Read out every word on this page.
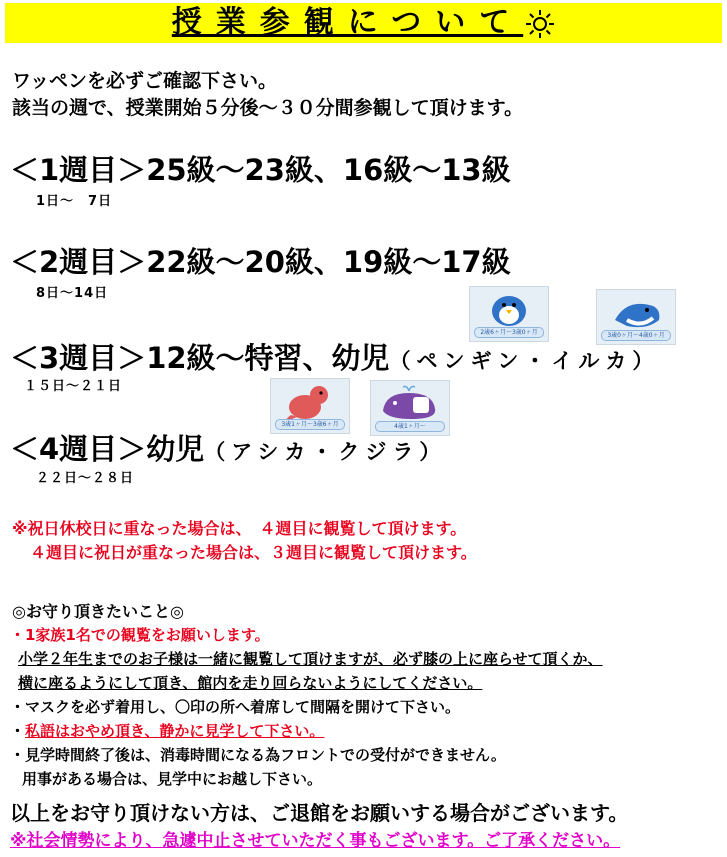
授業参観について
ワッペンを必ずご確認下さい。
該当の週で、授業開始５分後～３０分間参観して頂けます。
＜1週目＞25級～23級、16級～13級
1日～　7日
＜2週目＞22級～20級、19級～17級
8日～14日
2歳6ヶ月～3歳0ヶ月	3歳0ヶ月～4歳0ヶ月
＜3週目＞12級～特習、幼児（ペンギン・イルカ）
１５日～２１日
3歳1ヶ月～3歳6ヶ月	4歳1ヶ月～
＜4週目＞幼児（アシカ・クジラ）
２２日～２８日
※祝日休校日に重なった場合は、　４週目に観覧して頂けます。
４週目に祝日が重なった場合は、３週目に観覧して頂けます。
◎お守り頂きたいこと◎
・1家族1名での観覧をお願いします。
小学２年生までのお子様は一緒に観覧して頂けますが、必ず膝の上に座らせて頂くか、
横に座るようにして頂き、館内を走り回らないようにしてください。
・マスクを必ず着用し、〇印の所へ着席して間隔を開けて下さい。
・私語はおやめ頂き、静かに見学して下さい。
・見学時間終了後は、消毒時間になる為フロントでの受付ができません。
用事がある場合は、見学中にお越し下さい。
以上をお守り頂けない方は、ご退館をお願いする場合がございます。
※社会情勢により、急遽中止させていただく事もございます。ご了承ください。
